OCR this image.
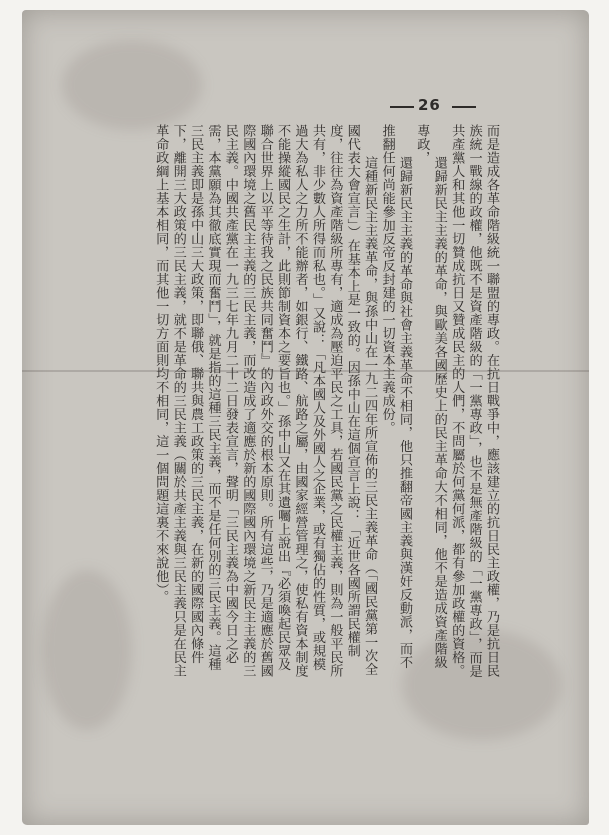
26

而是造成各革命階級統一聯盟的專政。在抗日戰爭中，應該建立的抗日民主政權，乃是抗日民族統一戰線的政權，他既不是資產階級的「一黨專政」，也不是無產階級的「一黨專政」，而是共產黨人和其他一切贊成抗日又贊成民主的人們，不問屬於何黨何派，都有參加政權的資格。

還歸新民主主義的革命，與歐美各國歷史上的民主革命大不相同，他不是造成資產階級專政，

還歸新民主主義的革命與社會主義革命不相同，他只推翻帝國主義與漢奸反動派，而不推翻任何尚能參加反帝反封建的一切資本主義成份。

這種新民主主義革命，與孫中山在一九二四年所宣佈的三民主義革命（「國民黨第一次全國代表大會宣言」）在基本上是一致的。因孫中山在這個宣言上說：「近世各國所謂民權制度，往往為資產階級所專有，適成為壓迫平民之工具，若國民黨之民權主義，則為一般平民所共有，非少數人所得而私也。」又說：「凡本國人及外國人之企業，或有獨佔的性質，或規模過大為私人之力所不能辦者，如銀行、鐵路、航路之屬，由國家經營管理之，使私有資本制度不能操縱國民之生計，此則節制資本之要旨也。」孫中山又在其遺囑上說出『必須喚起民眾及聯合世界上以平等待我之民族共同奮鬥』的內政外交的根本原則。所有這些，乃是適應於舊國際國內環境之舊民主主義的三民主義，而改造成了適應於新的國際國內環境之新民主主義的三民主義。中國共產黨在一九三七年九月二十二日發表宣言，聲明「三民主義為中國今日之必需，本黨願為其徹底實現而奮鬥」，就是指的這種三民主義，而不是任何別的三民主義。這種三民主義即是孫中山三大政策，即聯俄、聯共與農工政策的三民主義，在新的國際國內條件下，離開三大政策的三民主義，就不是革命的三民主義（關於共產主義與三民主義只是在民主革命政綱上基本相同，而其他一切方面則均不相同，這一個問題這裏不來說他）。
